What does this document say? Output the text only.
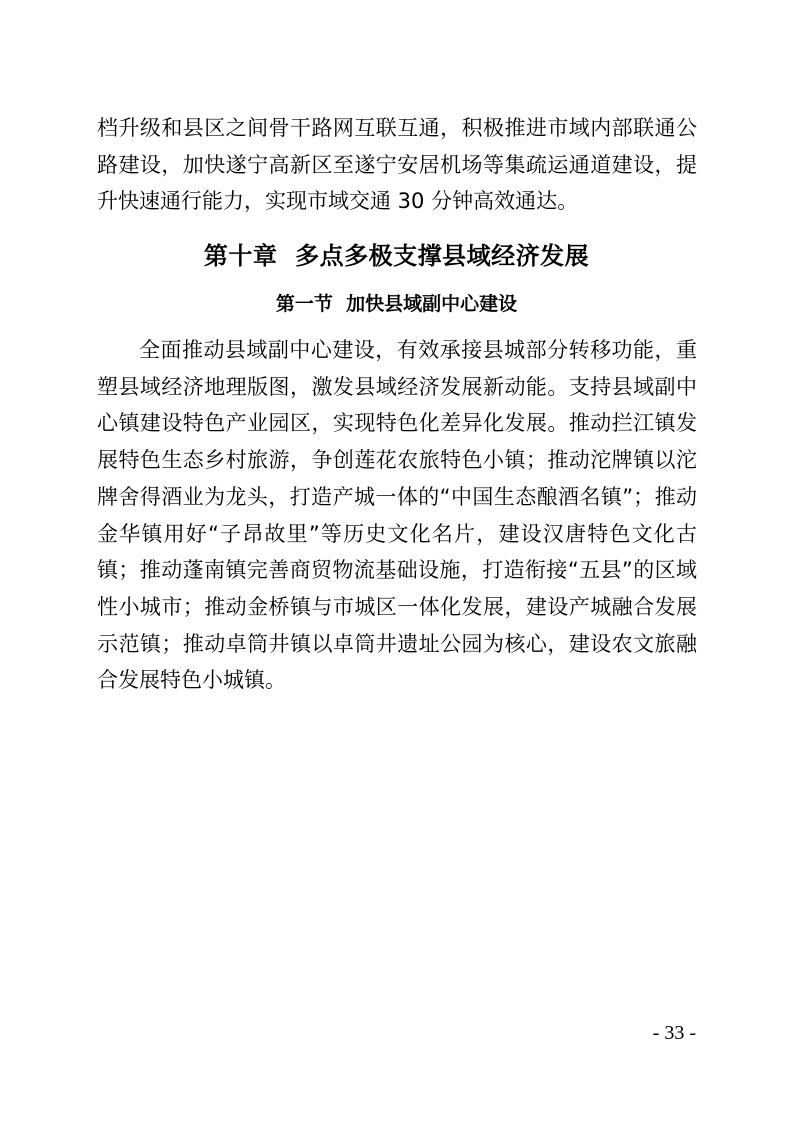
档升级和县区之间骨干路网互联互通，积极推进市域内部联通公路建设，加快遂宁高新区至遂宁安居机场等集疏运通道建设，提升快速通行能力，实现市域交通 30 分钟高效通达。

第十章  多点多极支撑县域经济发展
第一节  加快县域副中心建设

全面推动县域副中心建设，有效承接县城部分转移功能，重塑县域经济地理版图，激发县域经济发展新动能。支持县域副中心镇建设特色产业园区，实现特色化差异化发展。推动拦江镇发展特色生态乡村旅游，争创莲花农旅特色小镇；推动沱牌镇以沱牌舍得酒业为龙头，打造产城一体的“中国生态酿酒名镇”；推动金华镇用好“子昂故里”等历史文化名片，建设汉唐特色文化古镇；推动蓬南镇完善商贸物流基础设施，打造衔接“五县”的区域性小城市；推动金桥镇与市城区一体化发展，建设产城融合发展示范镇；推动卓筒井镇以卓筒井遗址公园为核心，建设农文旅融合发展特色小城镇。

- 33 -
